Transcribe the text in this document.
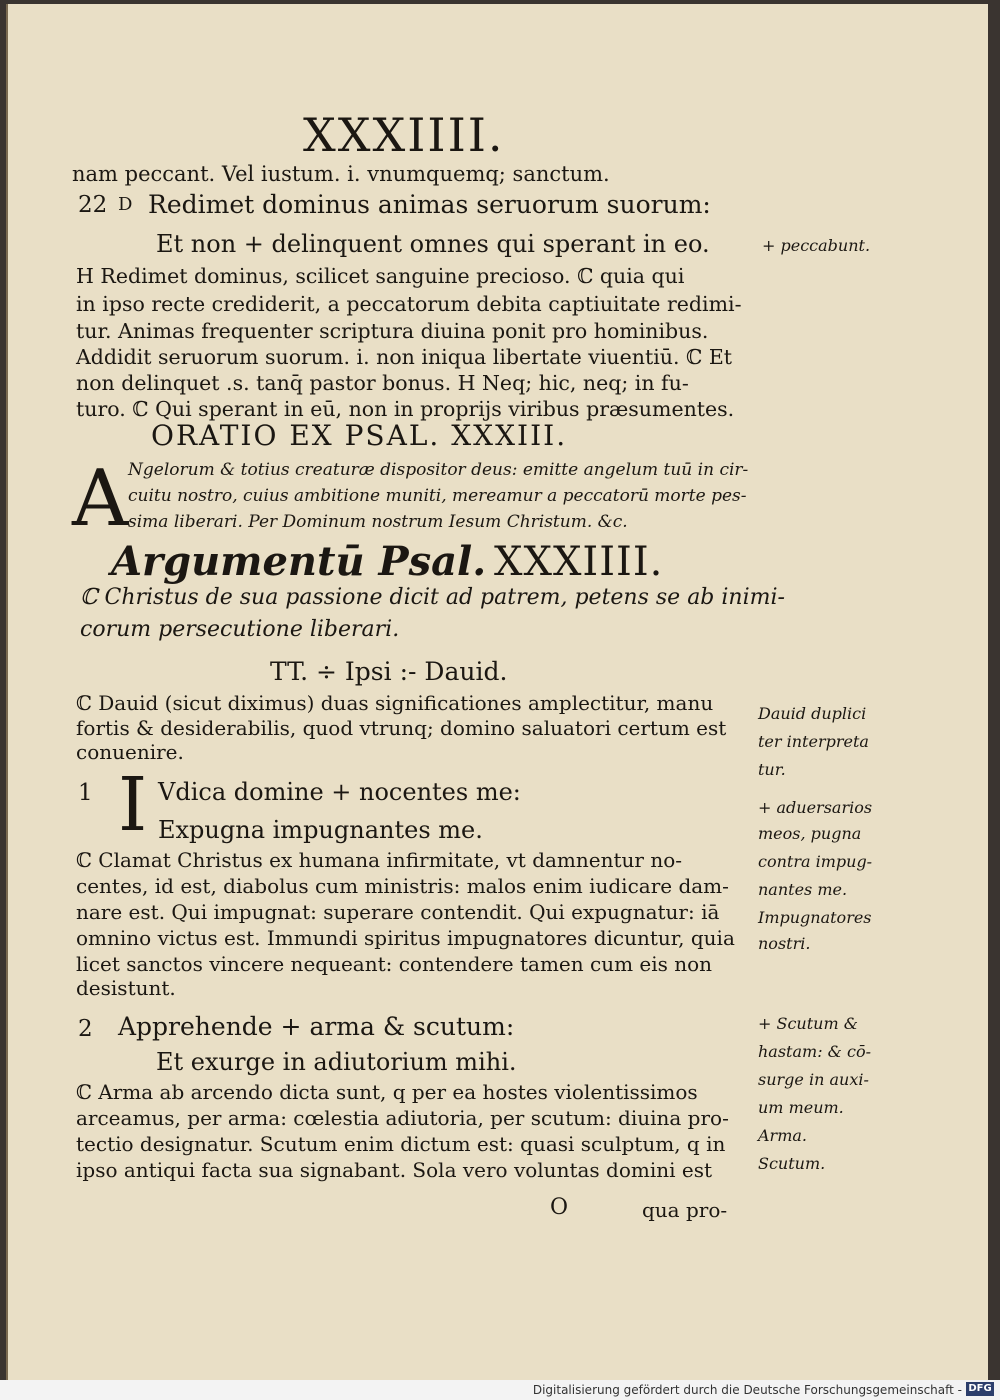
XXXIIII.
nam peccant. Vel iustum. i. vnumquemq; sanctum.
22 D Redimet dominus animas seruorum suorum:
Et non + delinquent omnes qui sperant in eo.
H Redimet dominus, scilicet sanguine precioso. ℂ quia qui
in ipso recte crediderit, a peccatorum debita captiuitate redimi-
tur. Animas frequenter scriptura diuina ponit pro hominibus.
Addidit seruorum suorum. i. non iniqua libertate viuentiū. ℂ Et
non delinquet .s. tanq̄ pastor bonus. H Neq; hic, neq; in fu-
turo. ℂ Qui sperant in eū, non in proprijs viribus præsumentes.
ORATIO EX PSAL. XXXIII.
A Ngelorum & totius creaturæ dispositor deus: emitte angelum tuū in cir-
cuitu nostro, cuius ambitione muniti, mereamur a peccatorū morte pes-
sima liberari. Per Dominum nostrum Iesum Christum. &c.
Argumentū Psal. XXXIIII.
ℂ Christus de sua passione dicit ad patrem, petens se ab inimi-
corum persecutione liberari.
TT. ÷ Ipsi :- Dauid.
ℂ Dauid (sicut diximus) duas significationes amplectitur, manu
fortis & desiderabilis, quod vtrunq; domino saluatori certum est
conuenire.
1 I Vdica domine + nocentes me:
Expugna impugnantes me.
ℂ Clamat Christus ex humana infirmitate, vt damnentur no-
centes, id est, diabolus cum ministris: malos enim iudicare dam-
nare est. Qui impugnat: superare contendit. Qui expugnatur: iā
omnino victus est. Immundi spiritus impugnatores dicuntur, quia
licet sanctos vincere nequeant: contendere tamen cum eis non
desistunt.
2 Apprehende + arma & scutum:
Et exurge in adiutorium mihi.
ℂ Arma ab arcendo dicta sunt, q per ea hostes violentissimos
arceamus, per arma: cœlestia adiutoria, per scutum: diuina pro-
tectio designatur. Scutum enim dictum est: quasi sculptum, q in
ipso antiqui facta sua signabant. Sola vero voluntas domini est
O	qua pro-
+ peccabunt.
Dauid duplici
ter interpreta
tur.
+ aduersarios
meos, pugna
contra impug-
nantes me.
Impugnatores
nostri.
+ Scutum &
hastam: & cō-
surge in auxi-
um meum.
Arma.
Scutum.
Digitalisierung gefördert durch die Deutsche Forschungsgemeinschaft - DFG
